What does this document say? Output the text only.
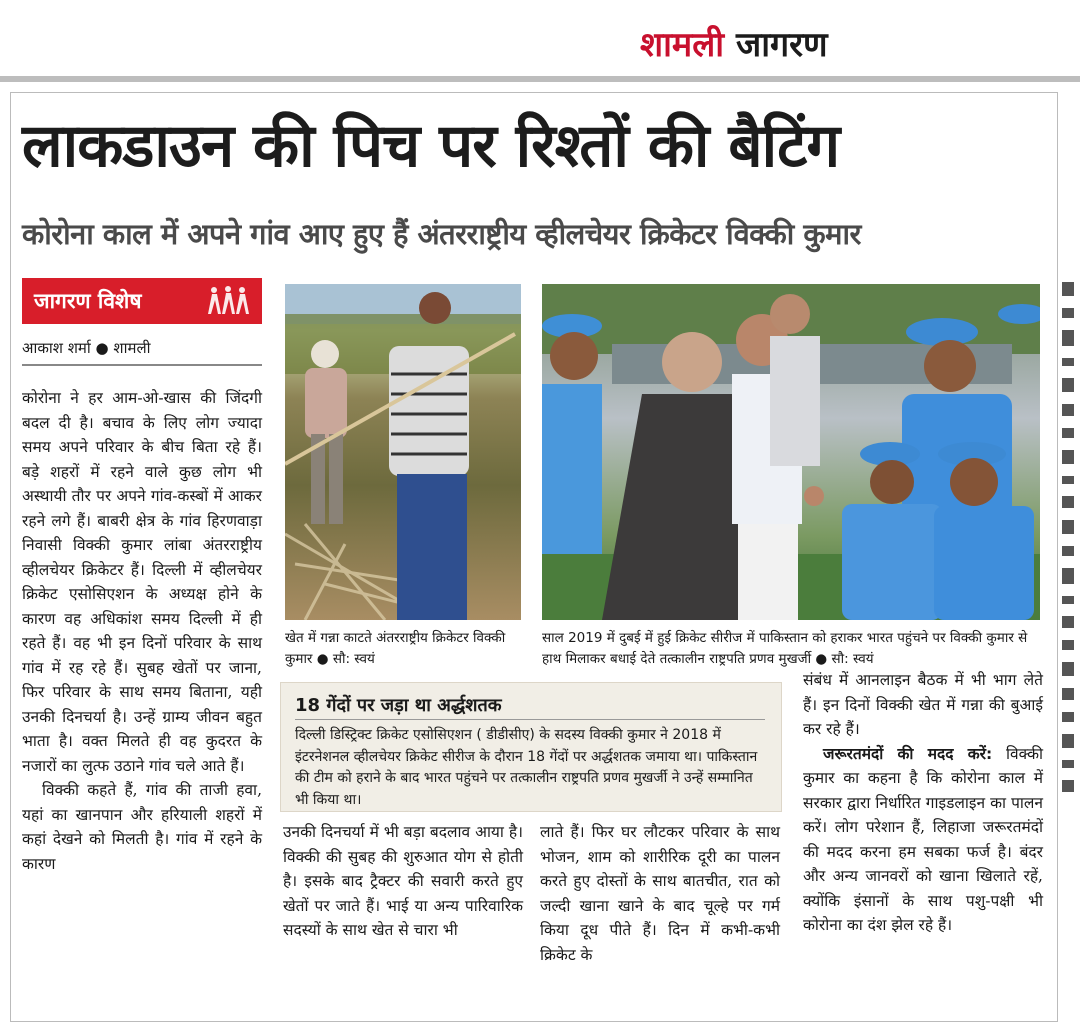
शामली जागरण
लाकडाउन की पिच पर रिश्तों की बैटिंग
कोरोना काल में अपने गांव आए हुए हैं अंतरराष्ट्रीय व्हीलचेयर क्रिकेटर विक्की कुमार
जागरण विशेष
आकाश शर्मा ● शामली

कोरोना ने हर आम-ओ-खास की जिंदगी बदल दी है। बचाव के लिए लोग ज्यादा समय अपने परिवार के बीच बिता रहे हैं। बड़े शहरों में रहने वाले कुछ लोग भी अस्थायी तौर पर अपने गांव-कस्बों में आकर रहने लगे हैं। बाबरी क्षेत्र के गांव हिरणवाड़ा निवासी विक्की कुमार लांबा अंतरराष्ट्रीय व्हीलचेयर क्रिकेटर हैं। दिल्ली में व्हीलचेयर क्रिकेट एसोसिएशन के अध्यक्ष होने के कारण वह अधिकांश समय दिल्ली में ही रहते हैं। वह भी इन दिनों परिवार के साथ गांव में रह रहे हैं। सुबह खेतों पर जाना, फिर परिवार के साथ समय बिताना, यही उनकी दिनचर्या है। उन्हें ग्राम्य जीवन बहुत भाता है। वक्त मिलते ही वह कुदरत के नजारों का लुत्फ उठाने गांव चले आते हैं।

विक्की कहते हैं, गांव की ताजी हवा, यहां का खानपान और हरियाली शहरों में कहां देखने को मिलती है। गांव में रहने के कारण

खेत में गन्ना काटते अंतरराष्ट्रीय क्रिकेटर विक्की कुमार ● सौ: स्वयं
साल 2019 में दुबई में हुई क्रिकेट सीरीज में पाकिस्तान को हराकर भारत पहुंचने पर विक्की कुमार से हाथ मिलाकर बधाई देते तत्कालीन राष्ट्रपति प्रणव मुखर्जी ● सौ: स्वयं
18 गेंदों पर जड़ा था अर्द्धशतक
दिल्ली डिस्ट्रिक्ट क्रिकेट एसोसिएशन ( डीडीसीए) के सदस्य विक्की कुमार ने 2018 में इंटरनेशनल व्हीलचेयर क्रिकेट सीरीज के दौरान 18 गेंदों पर अर्द्धशतक जमाया था। पाकिस्तान की टीम को हराने के बाद भारत पहुंचने पर तत्कालीन राष्ट्रपति प्रणव मुखर्जी ने उन्हें सम्मानित भी किया था।
उनकी दिनचर्या में भी बड़ा बदलाव आया है। विक्की की सुबह की शुरुआत योग से होती है। इसके बाद ट्रैक्टर की सवारी करते हुए खेतों पर जाते हैं। भाई या अन्य पारिवारिक सदस्यों के साथ खेत से चारा भी
लाते हैं। फिर घर लौटकर परिवार के साथ भोजन, शाम को शारीरिक दूरी का पालन करते हुए दोस्तों के साथ बातचीत, रात को जल्दी खाना खाने के बाद चूल्हे पर गर्म किया दूध पीते हैं। दिन में कभी-कभी क्रिकेट के

संबंध में आनलाइन बैठक में भी भाग लेते हैं। इन दिनों विक्की खेत में गन्ना की बुआई कर रहे हैं।

जरूरतमंदों की मदद करें: विक्की कुमार का कहना है कि कोरोना काल में सरकार द्वारा निर्धारित गाइडलाइन का पालन करें। लोग परेशान हैं, लिहाजा जरूरतमंदों की मदद करना हम सबका फर्ज है। बंदर और अन्य जानवरों को खाना खिलाते रहें, क्योंकि इंसानों के साथ पशु-पक्षी भी कोरोना का दंश झेल रहे हैं।
